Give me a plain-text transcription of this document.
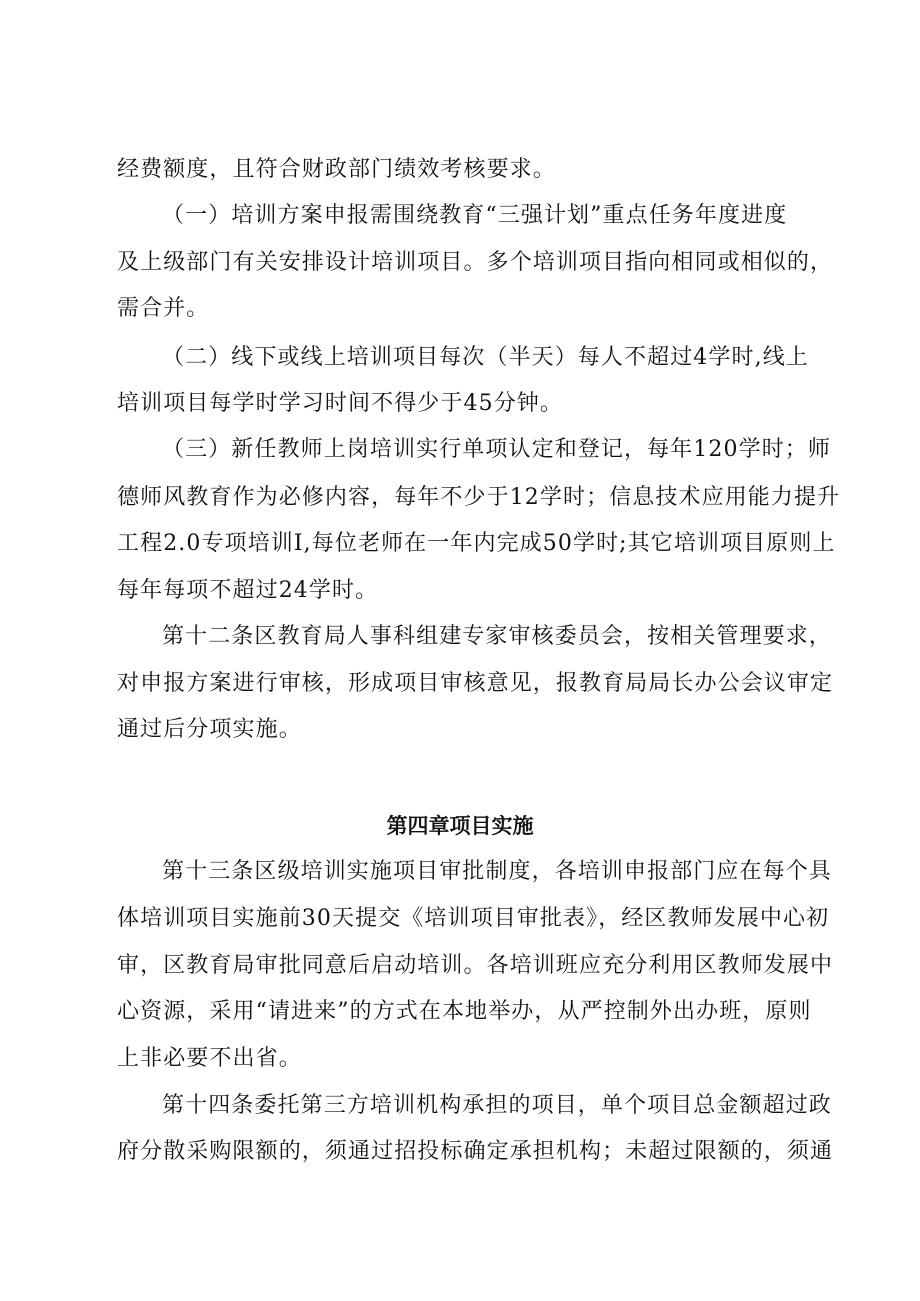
经费额度，且符合财政部门绩效考核要求。
（一）培训方案申报需围绕教育“三强计划”重点任务年度进度
及上级部门有关安排设计培训项目。多个培训项目指向相同或相似的，
需合并。
（二）线下或线上培训项目每次（半天）每人不超过4学时,线上
培训项目每学时学习时间不得少于45分钟。
（三）新任教师上岗培训实行单项认定和登记，每年120学时；师
德师风教育作为必修内容，每年不少于12学时；信息技术应用能力提升
工程2.0专项培训I,每位老师在一年内完成50学时;其它培训项目原则上
每年每项不超过24学时。
第十二条区教育局人事科组建专家审核委员会，按相关管理要求，
对申报方案进行审核，形成项目审核意见，报教育局局长办公会议审定
通过后分项实施。
第四章项目实施
第十三条区级培训实施项目审批制度，各培训申报部门应在每个具
体培训项目实施前30天提交《培训项目审批表》，经区教师发展中心初
审，区教育局审批同意后启动培训。各培训班应充分利用区教师发展中
心资源，采用“请进来”的方式在本地举办，从严控制外出办班，原则
上非必要不出省。
第十四条委托第三方培训机构承担的项目，单个项目总金额超过政
府分散采购限额的，须通过招投标确定承担机构；未超过限额的，须通
